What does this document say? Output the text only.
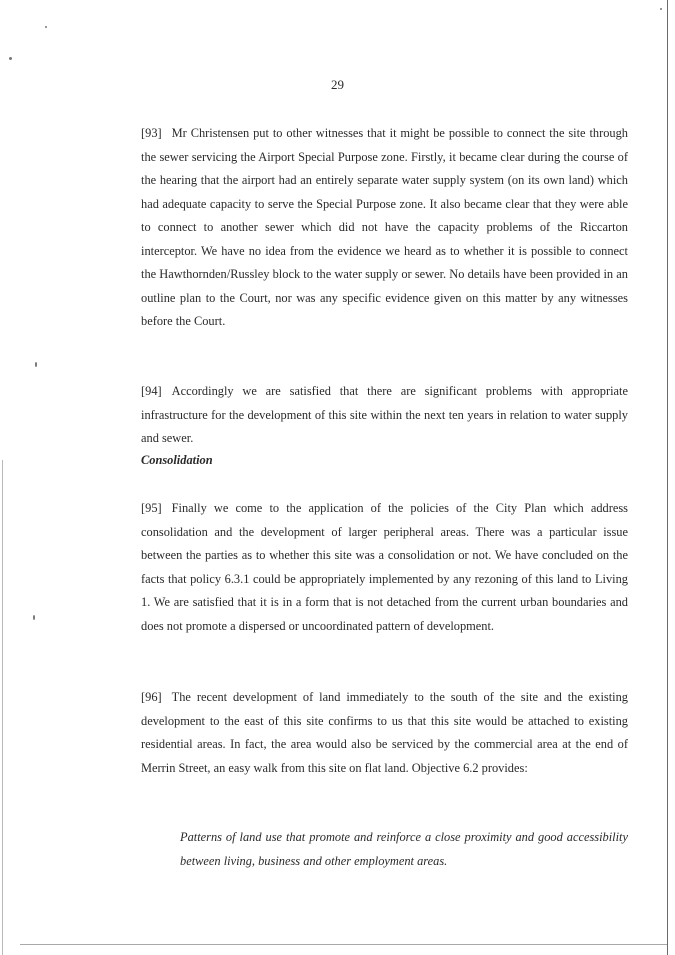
29

[93] Mr Christensen put to other witnesses that it might be possible to connect the site through the sewer servicing the Airport Special Purpose zone. Firstly, it became clear during the course of the hearing that the airport had an entirely separate water supply system (on its own land) which had adequate capacity to serve the Special Purpose zone. It also became clear that they were able to connect to another sewer which did not have the capacity problems of the Riccarton interceptor. We have no idea from the evidence we heard as to whether it is possible to connect the Hawthornden/Russley block to the water supply or sewer. No details have been provided in an outline plan to the Court, nor was any specific evidence given on this matter by any witnesses before the Court.

[94] Accordingly we are satisfied that there are significant problems with appropriate infrastructure for the development of this site within the next ten years in relation to water supply and sewer.

Consolidation

[95] Finally we come to the application of the policies of the City Plan which address consolidation and the development of larger peripheral areas. There was a particular issue between the parties as to whether this site was a consolidation or not. We have concluded on the facts that policy 6.3.1 could be appropriately implemented by any rezoning of this land to Living 1. We are satisfied that it is in a form that is not detached from the current urban boundaries and does not promote a dispersed or uncoordinated pattern of development.

[96] The recent development of land immediately to the south of the site and the existing development to the east of this site confirms to us that this site would be attached to existing residential areas. In fact, the area would also be serviced by the commercial area at the end of Merrin Street, an easy walk from this site on flat land. Objective 6.2 provides:

Patterns of land use that promote and reinforce a close proximity and good accessibility between living, business and other employment areas.
